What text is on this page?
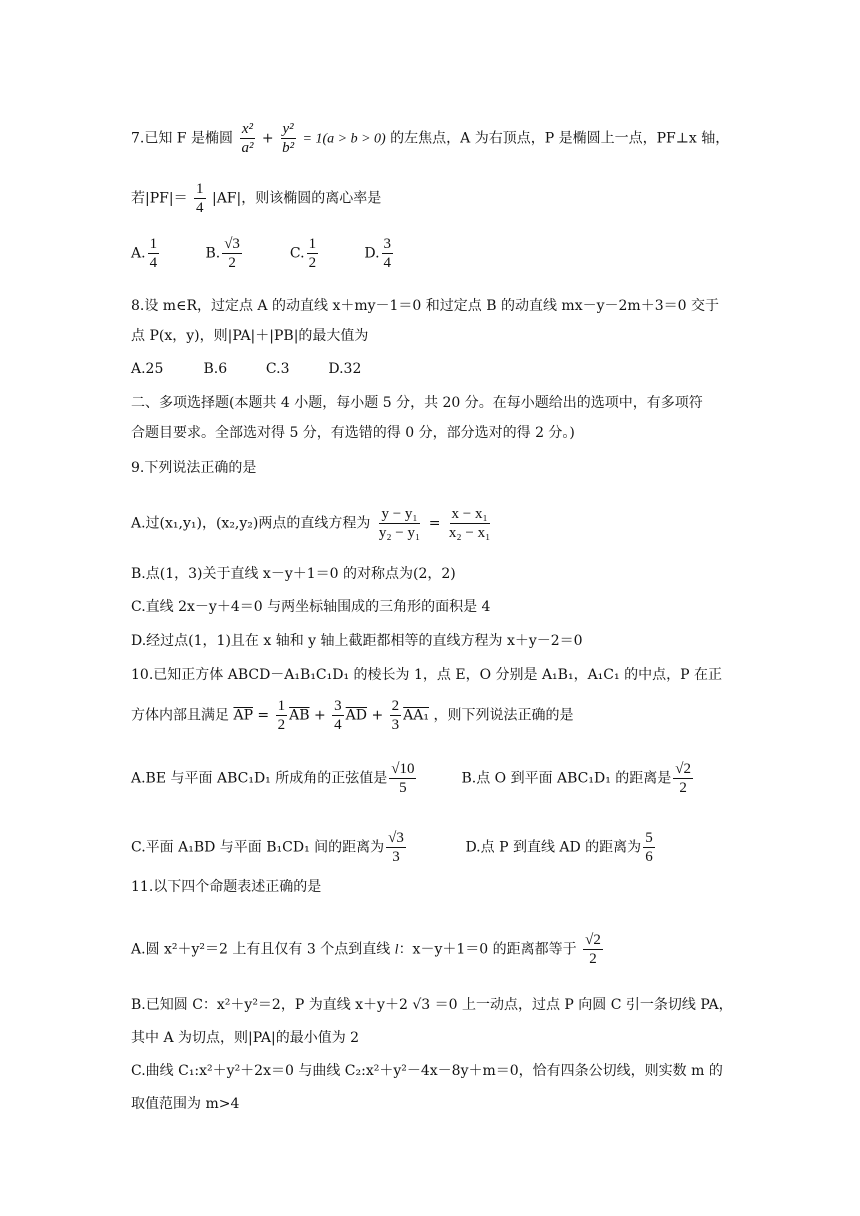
7.已知 F 是椭圆 $\frac{\text{x²}}{\text{a²}} + \frac{\text{y²}}{\text{b²}} = 1(a > b > 0)$ 的左焦点，A 为右顶点，P 是椭圆上一点，PF⊥x 轴，
若$|PF|= \frac{1}{4} |AF|$，则该椭圆的离心率是
A. $\frac{1}{4}$	B. $\frac{√3}{2}$	C. $\frac{1}{2}$	D. $\frac{3}{4}$
8.设 m∈R，过定点 A 的动直线 x＋my－1＝0 和过定点 B 的动直线 mx－y－2m＋3＝0 交于
点 P(x，y)，则|PA|＋|PB|的最大值为
A.25	B.6	C.3	D.32
二、多项选择题(本题共 4 小题，每小题 5 分，共 20 分。在每小题给出的选项中，有多项符
合题目要求。全部选对得 5 分，有选错的得 0 分，部分选对的得 2 分。)
9.下列说法正确的是
A.过(x₁,y₁)，(x₂,y₂)两点的直线方程为 $\frac{\text{y − y₁}}{\text{y₂ − y₁}} = \frac{\text{x − x₁}}{\text{x₂ − x₁}}$
B.点(1，3)关于直线 x－y＋1＝0 的对称点为(2，2)
C.直线 2x－y＋4＝0 与两坐标轴围成的三角形的面积是 4
D.经过点(1，1)且在 x 轴和 y 轴上截距都相等的直线方程为 x＋y－2＝0
10.已知正方体 ABCD－A₁B₁C₁D₁ 的棱长为 1，点 E，O 分别是 A₁B₁，A₁C₁ 的中点，P 在正
方体内部且满足 $\overline{AP} = \frac{1}{2} \overline{AB} + \frac{3}{4} \overline{AD} + \frac{2}{3} AA_1$ ，则下列说法正确的是
A.BE 与平面 ABC₁D₁ 所成角的正弦值是 $\frac{√10}{5}$	B.点 O 到平面 ABC₁D₁ 的距离是 $\frac{√2}{2}$
C.平面 A₁BD 与平面 B₁CD₁ 间的距离为 $\frac{√3}{3}$	D.点 P 到直线 AD 的距离为 $\frac{5}{6}$
11.以下四个命题表述正确的是
A.圆 x²＋y²＝2 上有且仅有 3 个点到直线 l：x－y＋1＝0 的距离都等于 $\frac{√2}{2}$
B.已知圆 C：x²＋y²＝2，P 为直线 x＋y＋2 √3 ＝0 上一动点，过点 P 向圆 C 引一条切线 PA，
其中 A 为切点，则|PA|的最小值为 2
C.曲线 C₁:x²＋y²＋2x＝0 与曲线 C₂:x²＋y²－4x－8y＋m＝0，恰有四条公切线，则实数 m 的
取值范围为 m>4
